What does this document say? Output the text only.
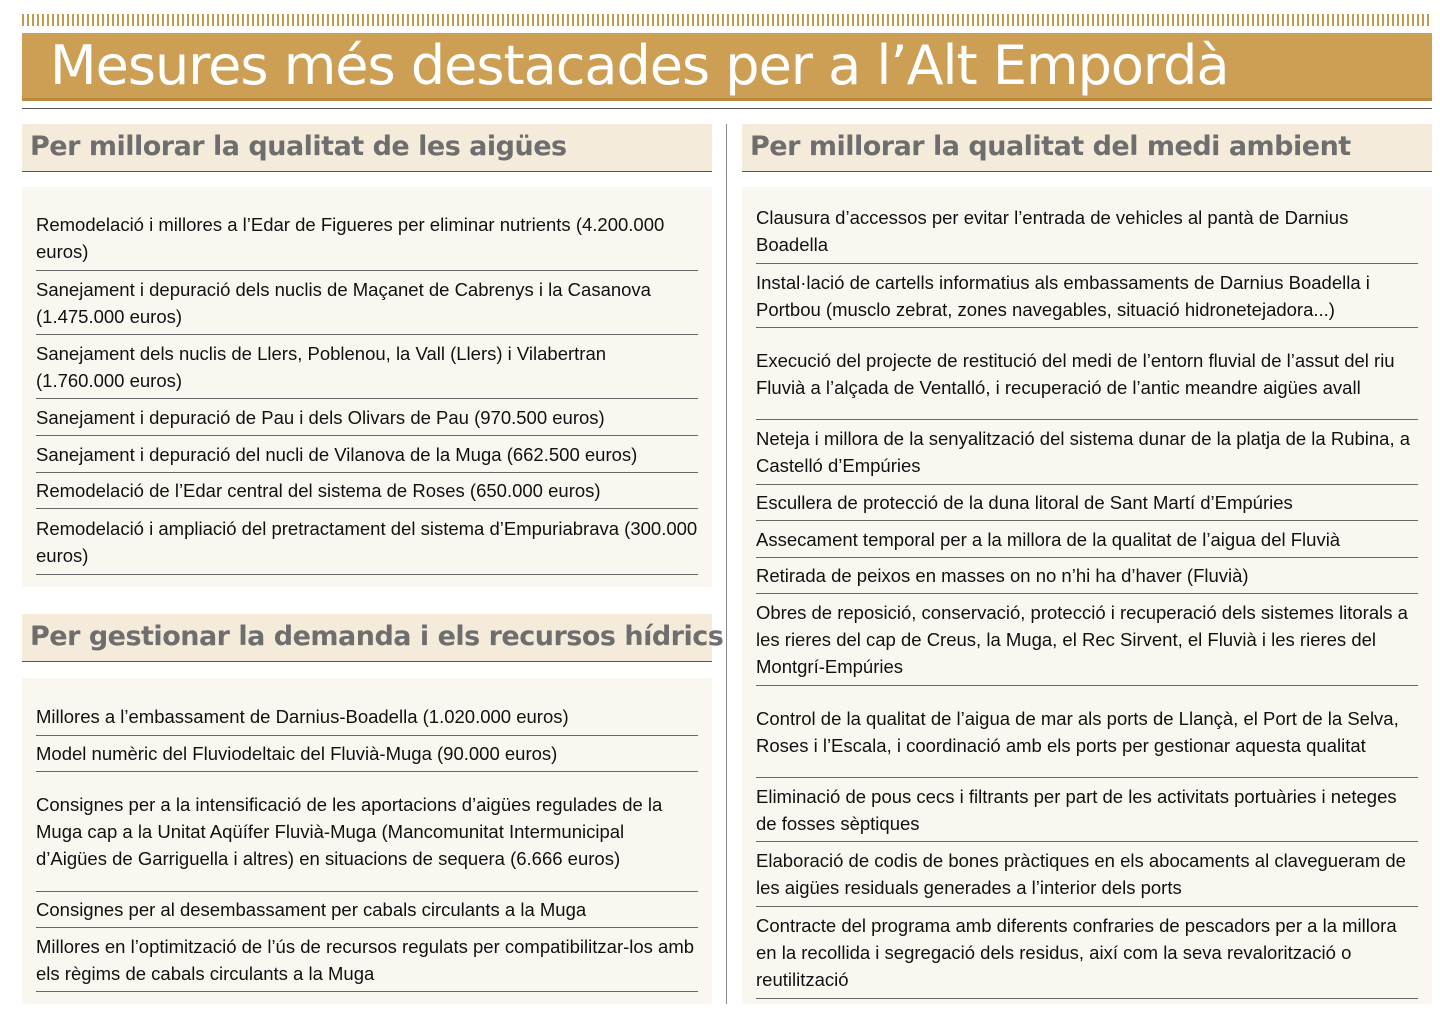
Mesures més destacades per a l’Alt Empordà
Per millorar la qualitat de les aigües
Remodelació i millores a l’Edar de Figueres per eliminar nutrients (4.200.000 euros)
Sanejament i depuració dels nuclis de Maçanet de Cabrenys i la Casanova (1.475.000 euros)
Sanejament dels nuclis de Llers, Poblenou, la Vall (Llers) i Vilabertran (1.760.000 euros)
Sanejament i depuració de Pau i dels Olivars de Pau (970.500 euros)
Sanejament i depuració del nucli de Vilanova de la Muga (662.500 euros)
Remodelació de l’Edar central del sistema de Roses (650.000 euros)
Remodelació i ampliació del pretractament del sistema d’Empuriabrava (300.000 euros)
Per gestionar la demanda i els recursos hídrics
Millores a l’embassament de Darnius-Boadella (1.020.000 euros)
Model numèric del Fluviodeltaic del Fluvià-Muga (90.000 euros)
Consignes per a la intensificació de les aportacions d’aigües regulades de la Muga cap a la Unitat Aqüífer Fluvià-Muga (Mancomunitat Intermunicipal d’Aigües de Garriguella i altres) en situacions de sequera (6.666 euros)
Consignes per al desembassament per cabals circulants a la Muga
Millores en l’optimització de l’ús de recursos regulats per compatibilitzar-los amb els règims de cabals circulants a la Muga
Per millorar la qualitat del medi ambient
Clausura d’accessos per evitar l’entrada de vehicles al pantà de Darnius Boadella
Instal·lació de cartells informatius als embassaments de Darnius Boadella i Portbou (musclo zebrat, zones navegables, situació hidronetejadora...)
Execució del projecte de restitució del medi de l’entorn fluvial de l’assut del riu Fluvià a l’alçada de Ventalló, i recuperació de l’antic meandre aigües avall
Neteja i millora de la senyalització del sistema dunar de la platja de la Rubina, a Castelló d’Empúries
Escullera de protecció de la duna litoral de Sant Martí d’Empúries
Assecament temporal per a la millora de la qualitat de l’aigua del Fluvià
Retirada de peixos en masses on no n’hi ha d’haver (Fluvià)
Obres de reposició, conservació, protecció i recuperació dels sistemes litorals a les rieres del cap de Creus, la Muga, el Rec Sirvent, el Fluvià i les rieres del Montgrí-Empúries
Control de la qualitat de l’aigua de mar als ports de Llançà, el Port de la Selva, Roses i l’Escala, i coordinació amb els ports per gestionar aquesta qualitat
Eliminació de pous cecs i filtrants per part de les activitats portuàries i neteges de fosses sèptiques
Elaboració de codis de bones pràctiques en els abocaments al clavegueram de les aigües residuals generades a l’interior dels ports
Contracte del programa amb diferents confraries de pescadors per a la millora en la recollida i segregació dels residus, així com la seva revalorització o reutilització
